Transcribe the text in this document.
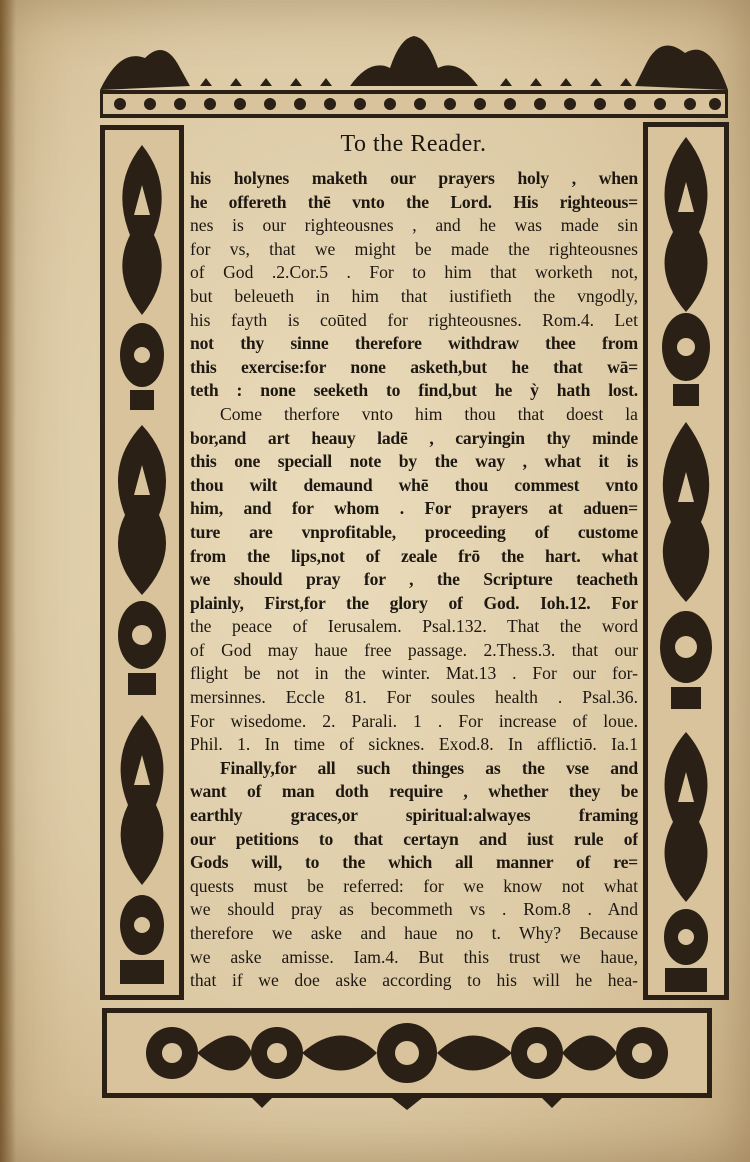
To the Reader.
his holynes maketh our prayers holy , when
he offereth thē vnto the Lord. His righteous=
nes is our righteousnes , and he was made sin
for vs, that we might be made the righteousnes
of God .2.Cor.5 . For to him that worketh not,
but beleueth in him that iustifieth the vngodly,
his fayth is coūted for righteousnes. Rom.4. Let
not thy sinne therefore withdraw thee from
this exercise:for none asketh,but he that wā=
teth : none seeketh to find,but he ỳ hath lost.
Come therfore vnto him thou that doest la
bor,and art heauy ladē , caryingin thy minde
this one speciall note by the way , what it is
thou wilt demaund whē thou commest vnto
him, and for whom . For prayers at aduen=
ture are vnprofitable, proceeding of custome
from the lips,not of zeale frō the hart. what
we should pray for , the Scripture teacheth
plainly, First,for the glory of God. Ioh.12. For
the peace of Ierusalem. Psal.132. That the word
of God may haue free passage. 2.Thess.3. that our
flight be not in the winter. Mat.13 . For our for-
mersinnes. Eccle 81. For soules health . Psal.36.
For wisedome. 2. Parali. 1 . For increase of loue.
Phil. 1. In time of sicknes. Exod.8. In afflictiō. Ia.1
Finally,for all such thinges as the vse and
want of man doth require , whether they be
earthly graces,or spiritual:alwayes framing
our petitions to that certayn and iust rule of
Gods will, to the which all manner of re=
quests must be referred: for we know not what
we should pray as becommeth vs . Rom.8 . And
therefore we aske and haue no t. Why? Because
we aske amisse. Iam.4. But this trust we haue,
that if we doe aske according to his will he hea-
